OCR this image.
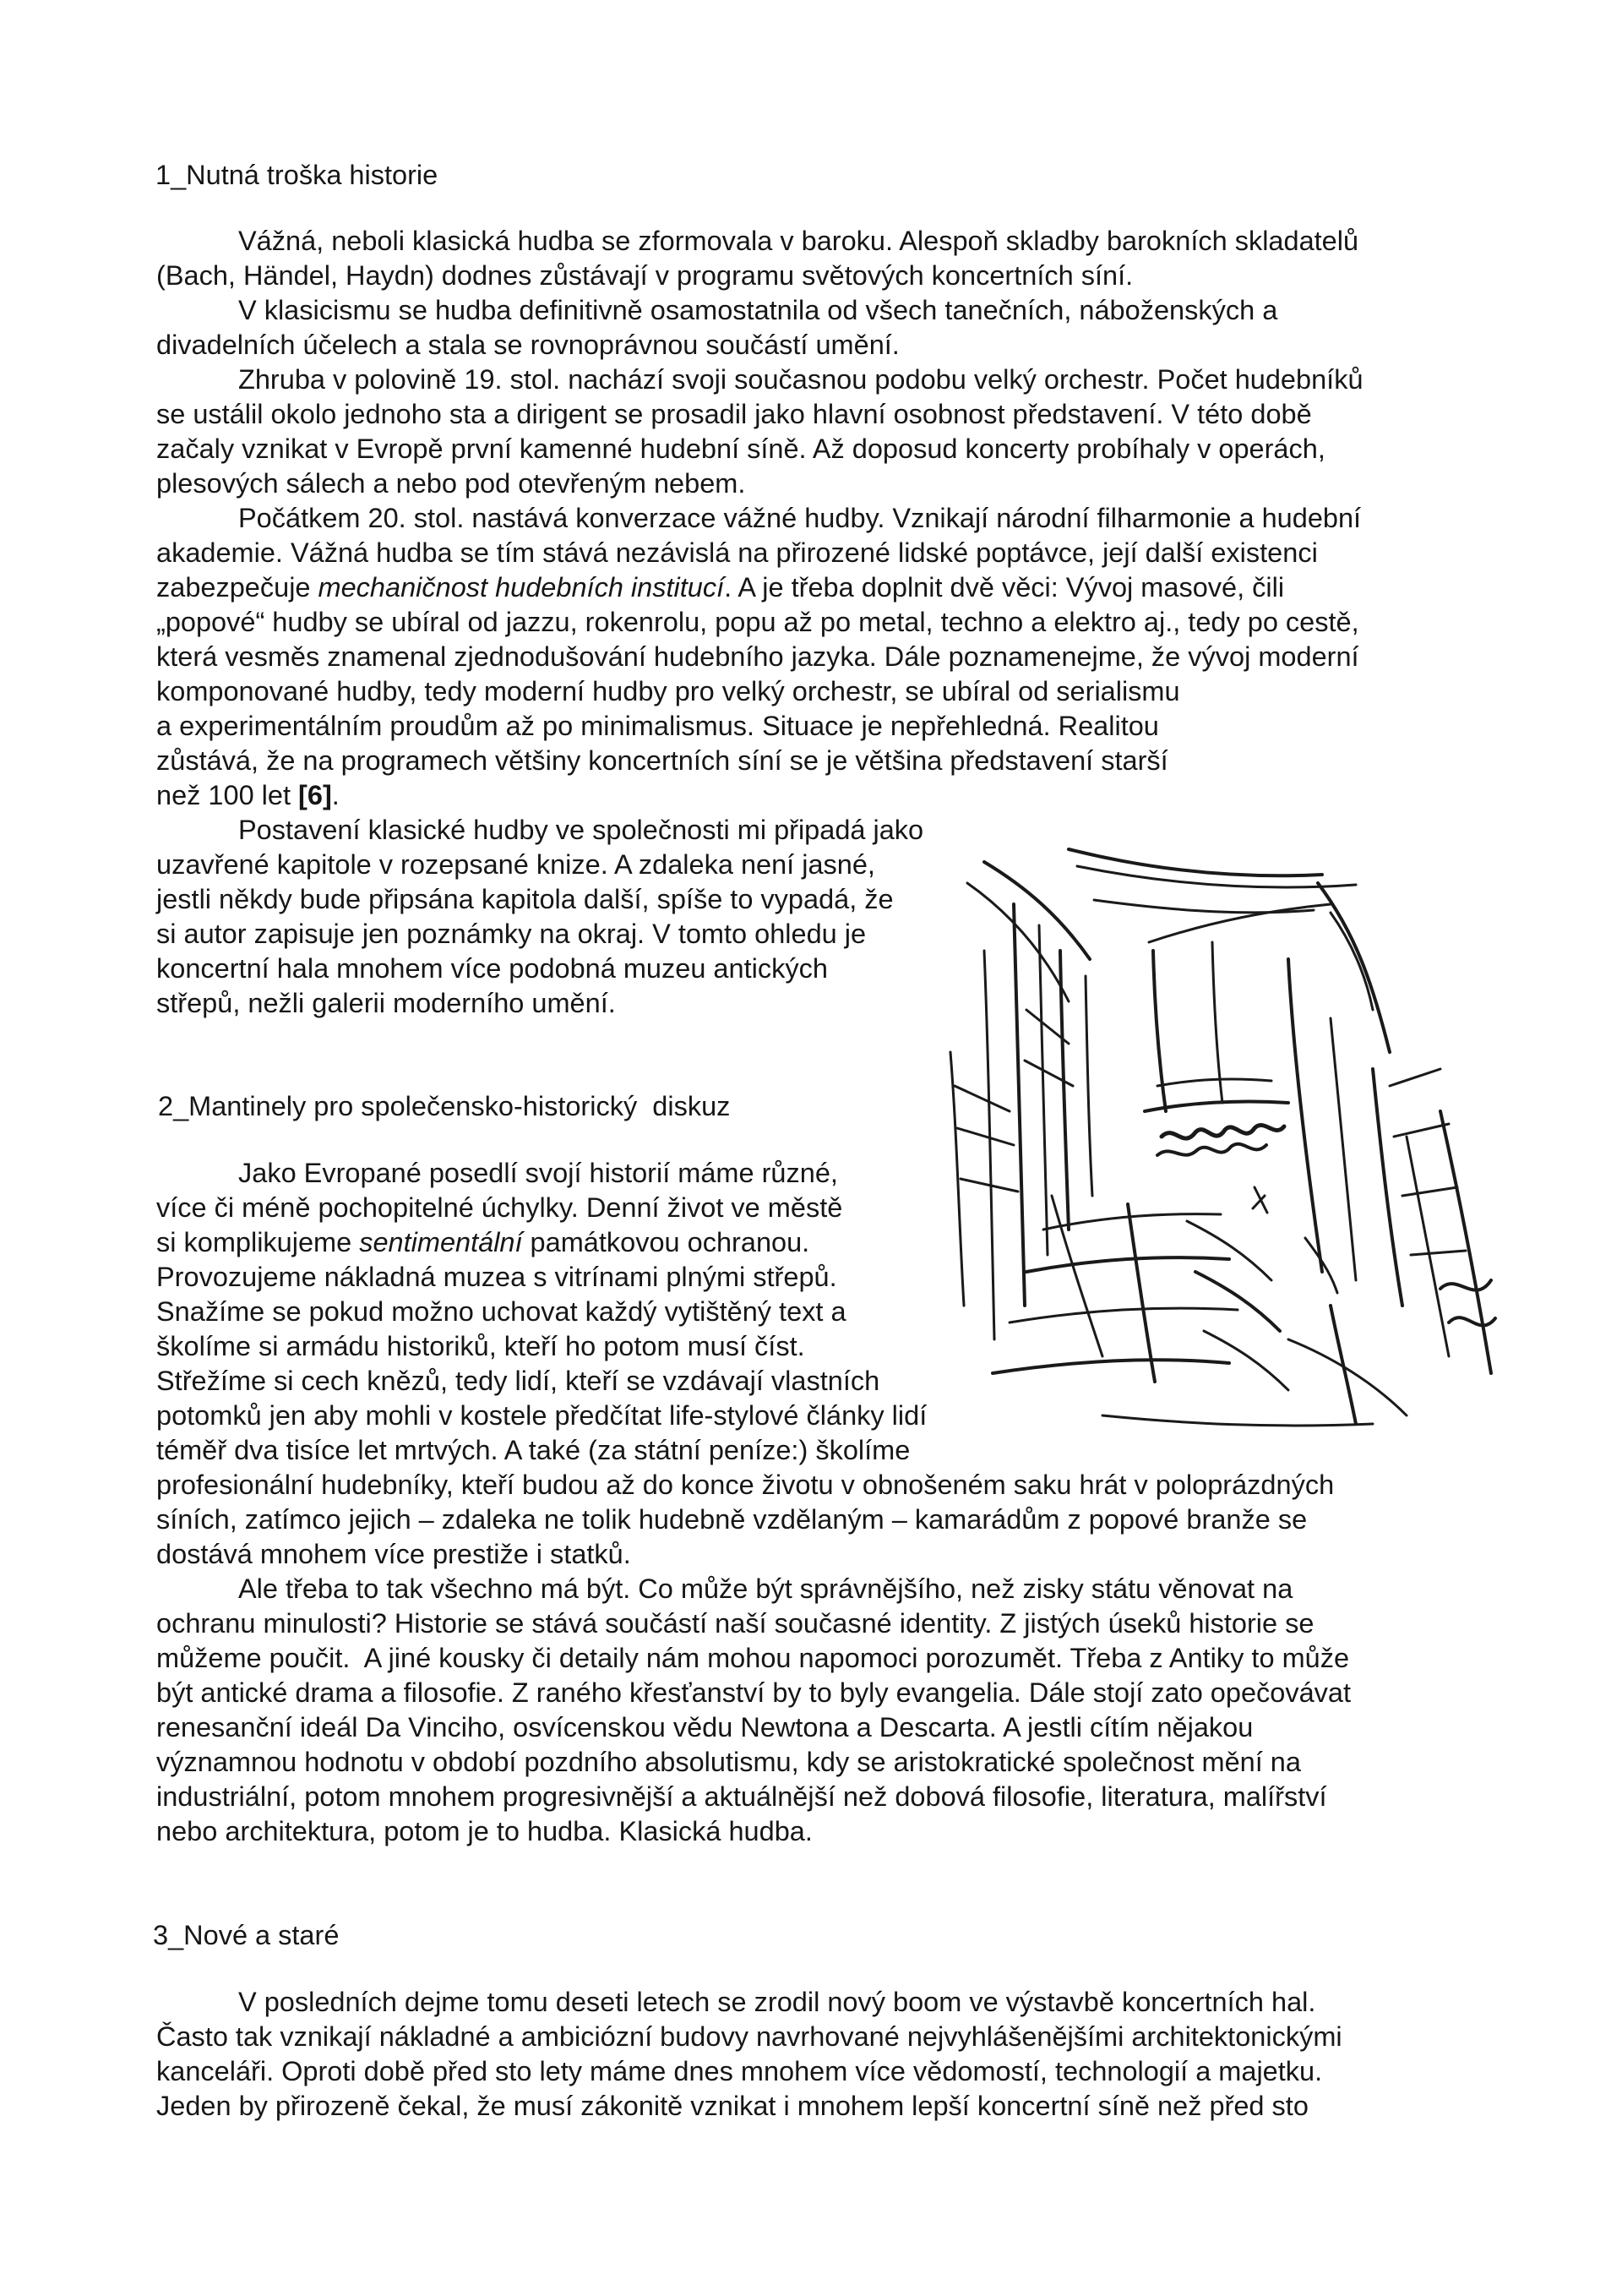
1_Nutná troška historie
Vážná, neboli klasická hudba se zformovala v baroku. Alespoň skladby barokních skladatelů
(Bach, Händel, Haydn) dodnes zůstávají v programu světových koncertních síní.
V klasicismu se hudba definitivně osamostatnila od všech tanečních, náboženských a
divadelních účelech a stala se rovnoprávnou součástí umění.
Zhruba v polovině 19. stol. nachází svoji současnou podobu velký orchestr. Počet hudebníků
se ustálil okolo jednoho sta a dirigent se prosadil jako hlavní osobnost představení. V této době
začaly vznikat v Evropě první kamenné hudební síně. Až doposud koncerty probíhaly v operách,
plesových sálech a nebo pod otevřeným nebem.
Počátkem 20. stol. nastává konverzace vážné hudby. Vznikají národní filharmonie a hudební
akademie. Vážná hudba se tím stává nezávislá na přirozené lidské poptávce, její další existenci
zabezpečuje mechaničnost hudebních institucí. A je třeba doplnit dvě věci: Vývoj masové, čili
„popové“ hudby se ubíral od jazzu, rokenrolu, popu až po metal, techno a elektro aj., tedy po cestě,
která vesměs znamenal zjednodušování hudebního jazyka. Dále poznamenejme, že vývoj moderní
komponované hudby, tedy moderní hudby pro velký orchestr, se ubíral od serialismu
a experimentálním proudům až po minimalismus. Situace je nepřehledná. Realitou
zůstává, že na programech většiny koncertních síní se je většina představení starší
než 100 let [6].
Postavení klasické hudby ve společnosti mi připadá jako
uzavřené kapitole v rozepsané knize. A zdaleka není jasné,
jestli někdy bude připsána kapitola další, spíše to vypadá, že
si autor zapisuje jen poznámky na okraj. V tomto ohledu je
koncertní hala mnohem více podobná muzeu antických
střepů, nežli galerii moderního umění.
2_Mantinely pro společensko-historický  diskuz
Jako Evropané posedlí svojí historií máme různé,
více či méně pochopitelné úchylky. Denní život ve městě
si komplikujeme sentimentální památkovou ochranou.
Provozujeme nákladná muzea s vitrínami plnými střepů.
Snažíme se pokud možno uchovat každý vytištěný text a
školíme si armádu historiků, kteří ho potom musí číst.
Střežíme si cech knězů, tedy lidí, kteří se vzdávají vlastních
potomků jen aby mohli v kostele předčítat life-stylové články lidí
téměř dva tisíce let mrtvých. A také (za státní peníze:) školíme
profesionální hudebníky, kteří budou až do konce životu v obnošeném saku hrát v poloprázdných
síních, zatímco jejich – zdaleka ne tolik hudebně vzdělaným – kamarádům z popové branže se
dostává mnohem více prestiže i statků.
Ale třeba to tak všechno má být. Co může být správnějšího, než zisky státu věnovat na
ochranu minulosti? Historie se stává součástí naší současné identity. Z jistých úseků historie se
můžeme poučit.  A jiné kousky či detaily nám mohou napomoci porozumět. Třeba z Antiky to může
být antické drama a filosofie. Z raného křesťanství by to byly evangelia. Dále stojí zato opečovávat
renesanční ideál Da Vinciho, osvícenskou vědu Newtona a Descarta. A jestli cítím nějakou
významnou hodnotu v období pozdního absolutismu, kdy se aristokratické společnost mění na
industriální, potom mnohem progresivnější a aktuálnější než dobová filosofie, literatura, malířství
nebo architektura, potom je to hudba. Klasická hudba.
3_Nové a staré
V posledních dejme tomu deseti letech se zrodil nový boom ve výstavbě koncertních hal.
Často tak vznikají nákladné a ambiciózní budovy navrhované nejvyhlášenějšími architektonickými
kanceláři. Oproti době před sto lety máme dnes mnohem více vědomostí, technologií a majetku.
Jeden by přirozeně čekal, že musí zákonitě vznikat i mnohem lepší koncertní síně než před sto
